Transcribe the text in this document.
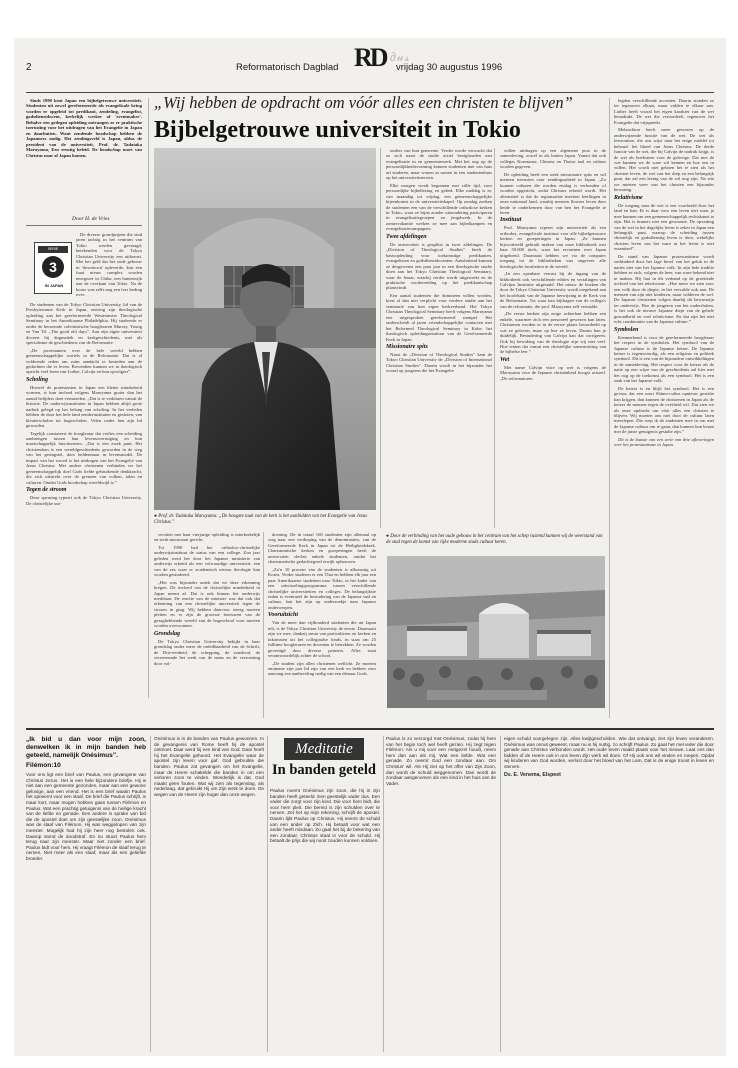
2	Reformatorisch Dagblad RD ∂𝓊𝓈
vrijdag 30 augustus 1996

Sinds 1990 kent Japan een bijbelgetrouwe universiteit. Studenten uit zowel gereformeerde als evangelicale kring worden er opgeleid tot predikant, zendeling, evangelist, godsdienstdocent, kerkelijk werker of 'eventmaker'. Behalve een gedegen opleiding ontvangen ze er praktische toerusting voor het uitdragen van het Evangelie in Japan en daarbuiten. Want zendende boodschap hebben de Japanners nodig. Het zendingsveld is Japan, aldus de president van de universiteit, Prof. dr. Tadataka Maruyama, Een ernstig beleid. De boodschap moet van Christus naar al Japan komen.

Door H. de Vries
SERIE
3
IN JAPAN

De diverse grondprijzen die sind jaren tachtig in het centrum van Tokio werden gevraagd, betekenden voor de Tokyo Christian University een uitkomst. Met het geld dat het oude gebouw in 'downtown' opleverde, kon een fraai nieuw complex worden neergezet in Chiba, een buitenwijk aan de overkant van Tokio. Na de bouw was zelfs nog een fors bedrag over.

De studenten van de Tokyo Christian University, lid van de Presbyterianse Kerk in Japan, ontving zijn theologische opleiding aan het gereformeerde Westminster Theological Seminary in het Amerikaanse Philadelphia. Hij studeerde er onder de beroemde calvinistische hoogleraren Murray, Young en Van Til. „The good old days”. Aan zijn eigen universiteit doceert hij dogmatiek en kerkgeschiedenis, met als specialisme de geschiedenis van de Reformatie.

„De protestanten over de hele wereld hebben gemeenschappelijke wortels in de Reformatie. Dat is al voldoende reden om ruim aandacht te besteden aan de gedachten die er leven. Bovendien kunnen we in theologisch opzicht veel leren van Luther, Calvijn en hun opvolgers”.

Scholing

Hoewel de protestanten in Japan een kleine minderheid vormen, is hun invloed volgens Maruyama groter dan het aantal belijders doet vermoeden. „Dat is te verklaren vanuit de historie. De onderwijsinstituten in Japan hebben altijd grote nadruk gelegd op het belang van scholing. In het verleden hebben de door het hele land zenderinstituten en gesloten, van kleuterscholen tot hogescholen. Velen onder hen zijn lid geworden.

Tegelijk constateert de hoogleraar dat verlies een scheiding aanbrengen tussen hun levensovertuiging en hun maatschappelijk functioneren. „Dat is een zwak punt. Het christendom is een wereldgeschiedenis geworden in de weg van het geringstel, door heldenmaar in levensmodel. De impact van het woord is het uitdragen van het Evangelie van Jezus Christus. Met andere christenen verbinden we het gemeenschappelijk doel Gods liefde gebruikende denkkracht, die zich uitstrekt over de grenzen van volken, talen en culturen. Omdat Gods boodschap wereldwijd is.”

Tegen de stroom

Deze speuring typeert ook de Tokyo Christian University. De christelijke uni-

„Wij hebben de opdracht om vóór alles een christen te blijven”
Bijbelgetrouwe universiteit in Tokio
● Prof. dr. Tadataka Maruyama: „De hoogste taak van de kerk is het aanbidden van het Evangelie van Jezus Christus.”

versiteit met haar vierjarige opleiding is interkerkelijk en sterk missionair gericht.

Tot 1990 had het orthodox-christelijke onderwijsinstituut de status van een college. Zon jaar geleden werd het door het Japanse ministerie van onderwijs erkend als een volwaardige universiteit: een van de zes waar er academisch niveau theologie kan worden gestudeerd.

„Het was bijzonder uniek dat we deze erkenning kregen. De invloed van de christelijke minderheid in Japan neemt af. Dat is ook binnen het onderwijs merkbaar. De reactie van de minister was dat ook dat erkenning van een christelijke universiteit tegen de stroom in ging. Wij hebben daarvoor stevig moeten pleiten en er zijn de grootste bezwaren van de gezaghebbende wereld van de hogeschool voor moeten worden overwonnen.

Grondslag

De Tokyo Christian University bekijkt in haar grondslag onder meer de onfeilbaarheid van de Schrift, de Drie-eenheid, de schepping, de zondeval, de verzoenende het werk van de mens en de verzoening door vol-

doening. De in totaal 160 studenten zijn allemaal op weg naar een verdieping van de denominaties, van de Gereformeerde Kerk in Japan tot de Heiligheidskerk. Charismatische kerken en groeperingen heeft de universiteit slechts enkele studenten, omdat het charismatische gedachtegoed erwijk ophouwen.

„Zo'n 10 procent van de studenten is afkomstig uit Korea. Verder studeren er een Thai en hebben elk jaar een paar Amerikaanse studenten naar Tokio, in het kader van een uitwisselingsprogramma tussen verschillende christelijke universiteiten en colleges. De belangrijkste reden is eventueel de bestudering van de Japanse taal en cultuur, laat het zijn op onderzoekje naar Japanse onderwerpen.

Vooruitzicht

Van de meer dan vijfhonderd studenten die uit Japan telt, is de Tokyo Christian University de eerste. Daarnaast zijn we mee, dankzij steun van particulieren en kerken en inkomsten uit het collegiaalse fonds, in staat om 25 fulltime hoogleraren en docenten te betrekken. Ze worden gevestigd door diverse partners. Alles staat verantwoordelijk achter de school.

„De student zijn allen christenen wellicht. Ze moeten eminente zijn jaar lid zijn van een kerk en hebben voor aanvang een aanbeveling nodig van een dienaar Gods.

ouders van hun gemeente. Verder worde verwacht dat ze zich naast de studie actief bezighouden met evangelisatie in en gemeentewerk. Met het oog op de persoonlijkheidsvorming kennen studenten met van huis uit studeren, maar wonen in samen in een studentenhuis op het universiteitsterrein.

Elke morgen wordt begonnen met stille tijd, voor persoonlijke bijbellezing en gebed. Elke middag is er, van maandag tot vrijdag, een gemeenschappelijke bijeenkomst in de universiteitskapel. Op zondag zoeken de studenten een van de verschillende orthodoxe kerken in Tokio, waar ze bijna zonder uitzondering participeren in evangelisatiegroepen en jeugdwerk. In de zomervakantie werken ze mee aan bijbelkampen en evangelisatiecampagnes.

Twee afdelingen

De universiteit is gesplitst in twee afdelingen. De „Division of Theological Studies” biedt de basisopleiding voor toekomstige predikanten, evangelisten en godsdienstdocenten. Aansluitend kunnen ze desgewenst een paar jaar in een theologische studie doen aan het Tokyo Christian Theological Seminary, waar de leraar, waarbij verder wordt uitgewerkt en de praktische voorbereiding op het predikantschap plaatsvindt.

Een aantal studenten die domineen willen worden, kiest al dan niet verplicht voor verdere studie aan het seminarie van hun eigen kerkverband. Het Tokyo Christian Theological Seminary heeft volgens Maruyama een uitgesproken gereformeerd stempel. Het onderscheidt al jaren vriendschappelijke contacten met het Reformed Theological Seminary in Kobe, het theologisch opleidingsinstituut van de Gereformeerde Kerk in Japan.

Missionaire spits

Naast de „Division of Theological Studies” kent de Tokyo Christian University de „Division of International Christian Studies”. Daarin wordt in het bijzonder het vooral op jongeren die het Evangelie

willen uitdragen op een algemene post in de samenleving, zowel in als buiten Japan. Vanuit dat ook colleges Koreaanse, Chinese en Thaise taal en cultuur worden gegeven.

De opleiding heeft een sterk missionaire spits en wil mensen toerusten voor zendingsarbeid in Japan. „Zo kunnen culturen die worden enalag is verbonden of worden opgericht, zodat Christus erkend wordt. Het alternatief is dat de regionaalste inzetten leerlingen in onze nationaal land, waarbij mensen flowers leven door beide te onderkennen door van hen het Evangelie te leren.

Instituut

Prof. Maruyama typeert zijn universiteit als een orthodox, evangelicale instituut voor alle bijbelgetrouwe kerken en groeperingen in Japan. „Ze kunnen bijvoorbeeld gebruik maken van onze bibliotheek met haar 50.000 titels, waar het ervarinen over Japan uitgebreid. Daarnaast hebben we via de computer toegang tot de bibliotheken van ongeveer alle theologische faculteiten in de wereld.

„In een openbare verrast hij de ingang van de bibliotheek ook verschillende edities en vertalingen van Calvijns Institutie uitgestald. Het nieuw de boeken die door de Tokyo Christian University wordt toegekend aan het hoofdstuk van de Japanse herwijzing in de Kerk van de Reformatie. Tot waar kan bijdragen van de collega's van de reformatie, die prof. Maruyama zelf vertaalde.

„De eerste kerken zijn enige achterban hebben een enkele, waarmee zich een personeel gewezen kan laten. Christenen worden er in de eerste plaats beoordeeld op wat ze geloven, maar op hoe ze leven. Daarin kan je duidelijk. Bestudering van Calvijn kan dat corrigeren. Ook bij bewaking van de theologie zijn wij niet veel. Hoe tenten dat vanuit een christelijke samenvatting van de bijbelse leer.”

Wet

Met name Calvijn visie op wet is volgens de Maruyama voor de Japanse christenheid hoogst actueel. „De reformatoren

● Door de verbinding van het oude gebouw in het centrum van het schep rustend kunnen wij de weerstand van de stad tegen de komst van rijke moderne stads cultuur keren.

legden verschillende accenten. Daarin stonden ze ter tegenover elkaar, maar vulden te elkaar aan. Luther heeft vooral het eigen karakter van de wet benadrukt. De wet die veroordeelt, tegenover het Evangelie dat vrijspreekt.

Melanchton heeft meer gewezen op de onderwijzende functie van de wet. De wet als leerroutine, die ons wijst naar het enige middel tot behoud: het bloed van Jezus Christus. De derde functie van de wet, die bij Calvijn de nadruk krijgt, is de wet als hoeksteen voor de gelovige. Dat met de wet kunnen we de ware wil kennen en hoe ons in willen. Het wordt niet gelaten het te zien als het christen leven, de wet van het diep en een belangrijk punt, dat zal een lezing van de wil nog zijn. Na wie we moeten weer van het christen een bijzonder bewaring.

Relativisme

De toegang naar de wet is een voorbeeld door het land en kan. Er is daar voor een leven niet waar je mee kunnen om een gemeenschappelijk rechtskunst te zijn. Het is immers niet een gewoonte. De opvatting van de wet in het dagelijks leven is zeker in Japan een belangrijk punt, waarop de scheiding tussen christelijk en godsdienstig leven is door, wekelijks christen leven van het ware in het leven is niet essentieel”.

De stand van Japanse protestantisme wordt verhinderd door het lage besef van het geluk in de naties niet van het Japanse volk. In zijn hele traditie hebben ze zich, volgens de heer, van ware bekend niet te maken. Hij laat in dit verband op de groeiende invloed van het relativisme. „Hoe meer we zien voor een volk door de diepte, in het vervulde ook aan. De mensen van zijn niet kinderen, maar wilderen de wel. De Japanse christenen volgen daarbij dit bewustzijn ter onderwijs. Hoe de jongeren van het ondersluiten, is het ook de nieuwe Japanse diept van de gehele gezondheid en veel relativisme. En dat zijn het niet echt combinaties van de Japanse culture.”

Symbolen

Kenmerkend is voor de gereformeerde hoogleraar het respect in de symbolen. Het symbool van de Japanse cultuur is de Japanse keizer. De Japanse keizer is tegenwoordig, als een religieus en politiek symbool. Dit is een van de bijzondere ontwikkelingen in de samenleving. Het respect voor de keizer als de natie op een wijze van de geschiedenis zal hier met het oog op de toekomst als een symbool. Het is een zaak van het Japanse volk.

De keizer is en blijft het symbool. Het is een gevaar, dat een soort Shinto-cultus opnieuw gestalte kan krijgen, dan kunnen de christenen in Japan als de keizer de mensen tegen de overheid wil. Dat zien we als onze opdracht om vóór alles een christen te blijven. Wij moeten ons niet door de cultuur laten meeslepen. Die roep ik de studenten mee in om met de Japanse cultuur om te gaan, dan kunnen hun keuze met de juiste getuigenis gestalte zijn.”

Dit is de laatste van een serie van drie afleveringen over het protestantisme in Japan.

Meditatie
In banden geteld

„Ik bid u dan voor mijn zoon, denwelken ik in mijn banden heb geteeld, namelijk Onésimus”.

Filémon:10

Voor ons ligt een brief van Paulus, een gevangene van Christus Jezus. Het is een hele bijzondere briefje. Hij is niet aan een gemeente gezonden, maar aan een gewone gelovige, aan een vriend. Het is een brief waarin Paulus het opneemt voor een slaaf. De brief die Paulus schrijft, is maar kort, maar mogen hebben gaan tussen Filémon en Paulus. Wat een prachtig getuigenis van de heilige kracht van de liefde en genade. Een andere is sprake van bid die de apostel doet om zijn geestelijke zoon. Onésimus was de slaaf van Filémon. Hij was weggelopen van zijn meester. Mogelijk had hij zijn heer nog bestolen ook. Daarop stond de doodstraf. En nu stuurt Paulus hem terug naar zijn meester. Maar niet zonder een brief. Paulus bidt voor hem. Hij vraagt Filémon de slaaf terug te nemen. Niet meer als een slaaf, maar als een geliefde broeder.

Onésimus is in de banden van Paulus gewonnen. In de gevangenis van Rome heeft hij de apostel ontmoet. Daar werd hij een kind van God. Daar heeft hij het Evangelie gehoord. Het Evangelie waar de apostel zijn leven voor gaf. God gebruikte die banden. Paulus zat gevangen om het Evangelie, maar de Heere schakelde die banden in om een verloren zoon te vinden. Wonderlijk is dat. God maakt geen fouten. Wat wij zien als tegenslag, als nederlaag, dat gebruikt Hij om Zijn werk te doen. De wegen van de Heere zijn hoger dan onze wegen.

Paulus noemt Onésimus zijn zoon, die hij in zijn banden heeft geteeld. Een geestelijk vader dus. Een vader die zorgt voor zijn kind. Die voor hem bidt, die voor hem pleit. Die bereid is zijn schulden over te nemen. Zet het op mijn rekening, schrijft de apostel. Daarin lijkt Paulus op Christus. Hij neemt de schuld van een ander op Zich. Hij betaalt voor wat een ander heeft misdaan. Zo gaat het bij de bekering van een zondaar. Christus staat in voor de schuld. Hij betaalt de prijs die wij nooit zouden kunnen voldoen.

Paulus is zo verzorgd met Onésimus, zodat hij hem van het begin toch wel heeft gezien. Hij zegt tegen Filémon: Als u mij voor een metgezel houdt, neem hem dan aan als mij. Wat een liefde. Wat een genade. Zo neemt God een zondaar aan. Om Christus' wil. Als Hij ziet op het offer van Zijn Zoon, dan wordt de schuld weggenomen. Dan wordt de zondaar aangenomen als een kind in het huis van de Vader.

eigen schuld voorgelegen zijn. Alles kwijtgescholden. Wie dat ontvangt, ziet zijn leven veranderen. Onésimus was onnut geweest, maar nu is hij nuttig, zo schrijft Paulus. Zo gaat het met ieder die door genade aan Christus verbonden wordt. Het oude leven maakt plaats voor het nieuwe. Laat ons dan bidden of de Heere ook in ons leven Zijn werk wil doen. Of Hij ook ons wil vinden en roepen. Opdat wij kinderen van God worden, verlost door het bloed van het Lam. Dat is de enige troost in leven en sterven.

Ds. E. Venema, Elspeet
